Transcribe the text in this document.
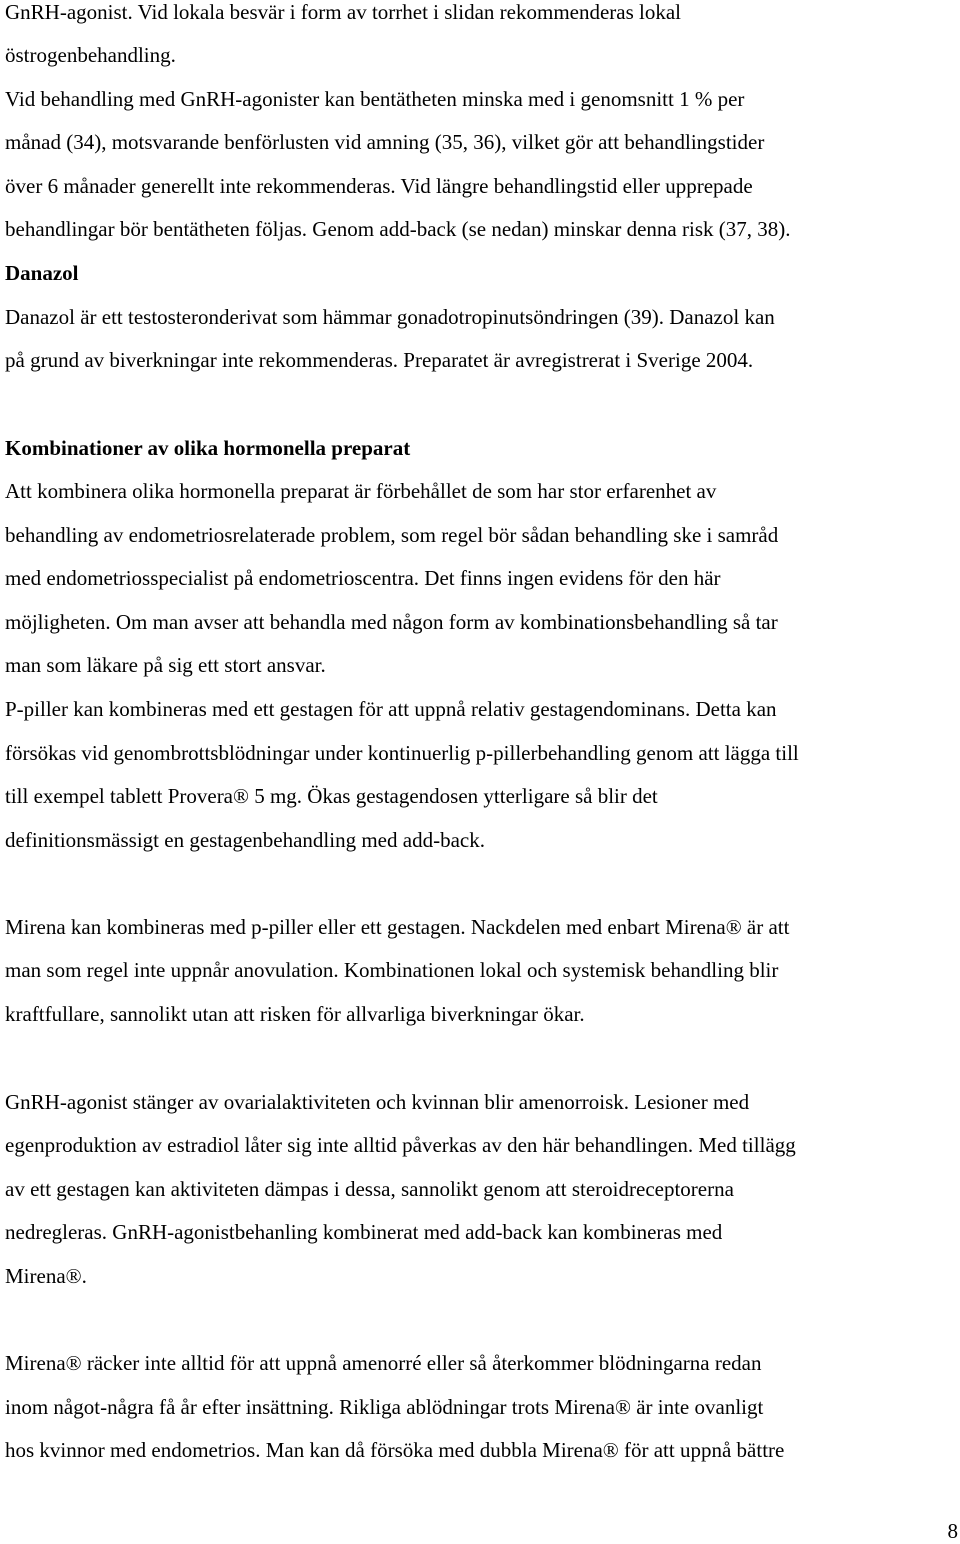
GnRH-agonist. Vid lokala besvär i form av torrhet i slidan rekommenderas lokal
östrogenbehandling.
Vid behandling med GnRH-agonister kan bentätheten minska med i genomsnitt 1 % per
månad (34), motsvarande benförlusten vid amning (35, 36), vilket gör att behandlingstider
över 6 månader generellt inte rekommenderas. Vid längre behandlingstid eller upprepade
behandlingar bör bentätheten följas. Genom add-back (se nedan) minskar denna risk (37, 38).
Danazol
Danazol är ett testosteronderivat som hämmar gonadotropinutsöndringen (39). Danazol kan
på grund av biverkningar inte rekommenderas. Preparatet är avregistrerat i Sverige 2004.
Kombinationer av olika hormonella preparat
Att kombinera olika hormonella preparat är förbehållet de som har stor erfarenhet av
behandling av endometriosrelaterade problem, som regel bör sådan behandling ske i samråd
med endometriosspecialist på endometrioscentra. Det finns ingen evidens för den här
möjligheten. Om man avser att behandla med någon form av kombinationsbehandling så tar
man som läkare på sig ett stort ansvar.
P-piller kan kombineras med ett gestagen för att uppnå relativ gestagendominans. Detta kan
försökas vid genombrottsblödningar under kontinuerlig p-pillerbehandling genom att lägga till
till exempel tablett Provera® 5 mg. Ökas gestagendosen ytterligare så blir det
definitionsmässigt en gestagenbehandling med add-back.
Mirena kan kombineras med p-piller eller ett gestagen. Nackdelen med enbart Mirena® är att
man som regel inte uppnår anovulation. Kombinationen lokal och systemisk behandling blir
kraftfullare, sannolikt utan att risken för allvarliga biverkningar ökar.
GnRH-agonist stänger av ovarialaktiviteten och kvinnan blir amenorroisk. Lesioner med
egenproduktion av estradiol låter sig inte alltid påverkas av den här behandlingen. Med tillägg
av ett gestagen kan aktiviteten dämpas i dessa, sannolikt genom att steroidreceptorerna
nedregleras. GnRH-agonistbehanling kombinerat med add-back kan kombineras med
Mirena®.
Mirena® räcker inte alltid för att uppnå amenorré eller så återkommer blödningarna redan
inom något-några få år efter insättning. Rikliga ablödningar trots Mirena® är inte ovanligt
hos kvinnor med endometrios. Man kan då försöka med dubbla Mirena® för att uppnå bättre
8
